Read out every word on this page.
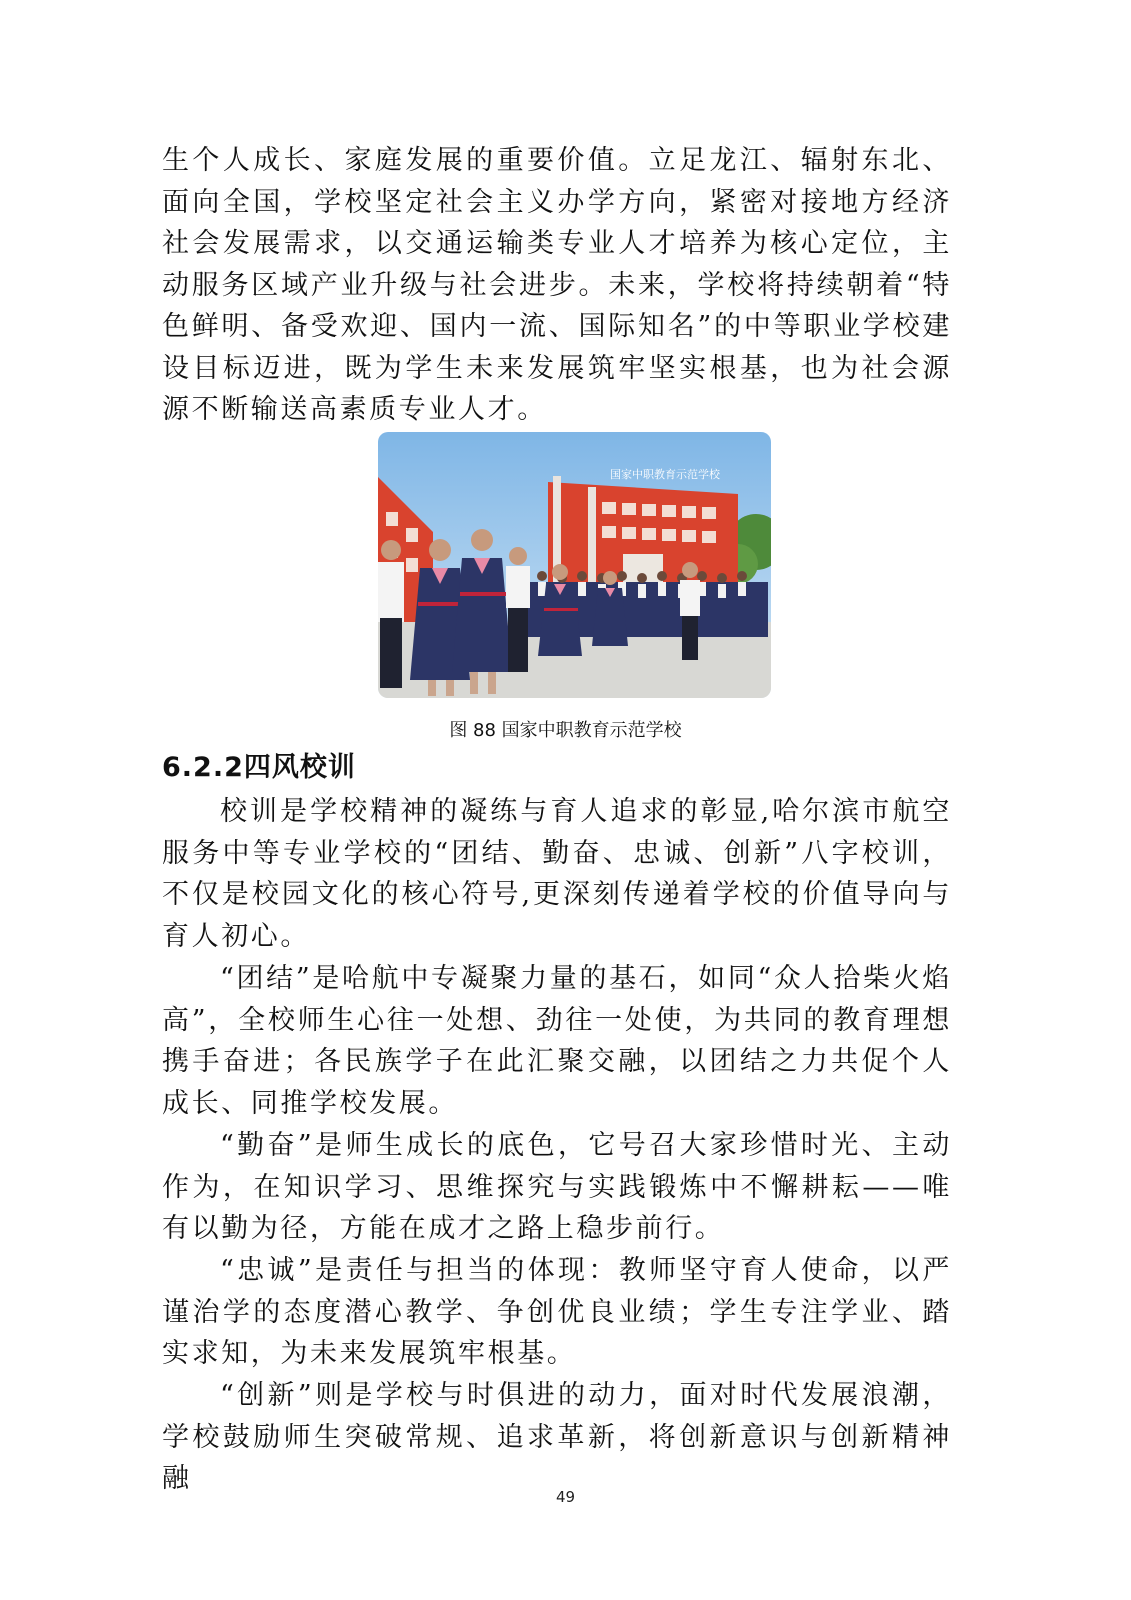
生个人成长、家庭发展的重要价值。立足龙江、辐射东北、面向全国，学校坚定社会主义办学方向，紧密对接地方经济社会发展需求，以交通运输类专业人才培养为核心定位，主动服务区域产业升级与社会进步。未来，学校将持续朝着“特色鲜明、备受欢迎、国内一流、国际知名”的中等职业学校建设目标迈进，既为学生未来发展筑牢坚实根基，也为社会源源不断输送高素质专业人才。

国家中职教育示范学校
图 88 国家中职教育示范学校
6.2.2四风校训

校训是学校精神的凝练与育人追求的彰显,哈尔滨市航空服务中等专业学校的“团结、勤奋、忠诚、创新”八字校训，不仅是校园文化的核心符号,更深刻传递着学校的价值导向与育人初心。

“团结”是哈航中专凝聚力量的基石，如同“众人拾柴火焰高”，全校师生心往一处想、劲往一处使，为共同的教育理想携手奋进；各民族学子在此汇聚交融，以团结之力共促个人成长、同推学校发展。

“勤奋”是师生成长的底色，它号召大家珍惜时光、主动作为，在知识学习、思维探究与实践锻炼中不懈耕耘——唯有以勤为径，方能在成才之路上稳步前行。

“忠诚”是责任与担当的体现：教师坚守育人使命，以严谨治学的态度潜心教学、争创优良业绩；学生专注学业、踏实求知，为未来发展筑牢根基。

“创新”则是学校与时俱进的动力，面对时代发展浪潮，学校鼓励师生突破常规、追求革新，将创新意识与创新精神融

49
